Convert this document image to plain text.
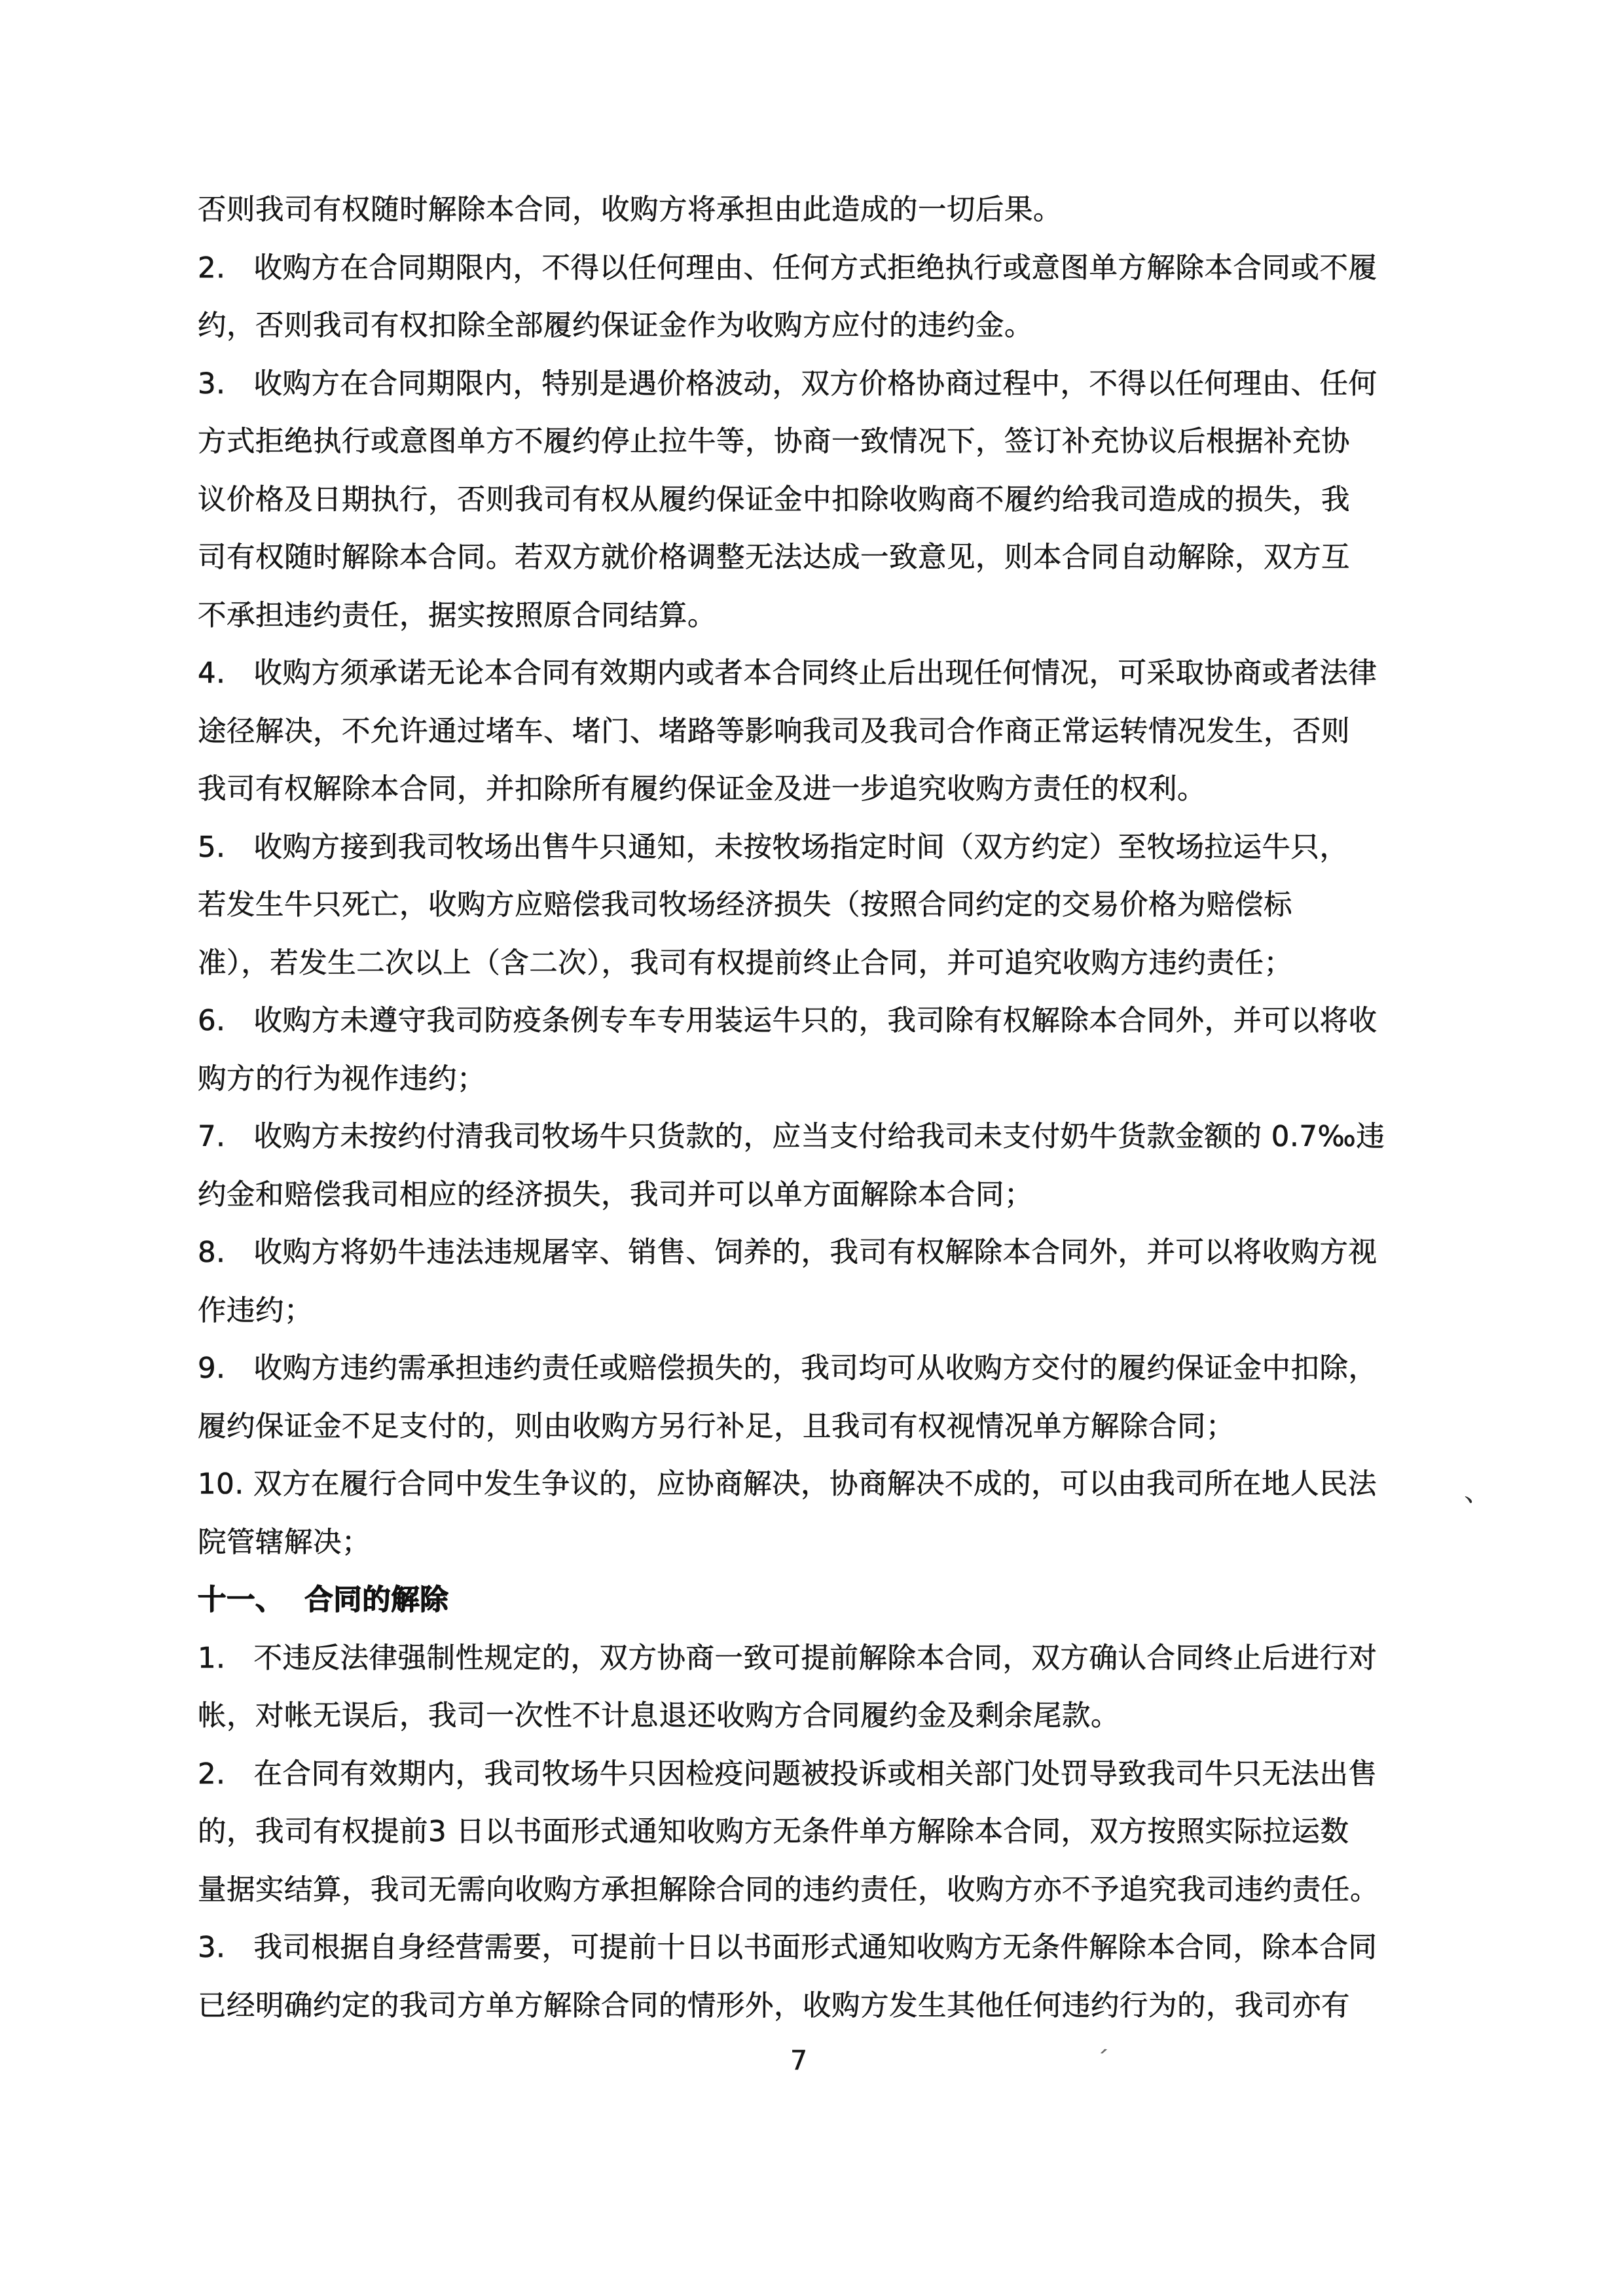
否则我司有权随时解除本合同，收购方将承担由此造成的一切后果。
2.   收购方在合同期限内，不得以任何理由、任何方式拒绝执行或意图单方解除本合同或不履
约，否则我司有权扣除全部履约保证金作为收购方应付的违约金。
3.   收购方在合同期限内，特别是遇价格波动，双方价格协商过程中，不得以任何理由、任何
方式拒绝执行或意图单方不履约停止拉牛等，协商一致情况下，签订补充协议后根据补充协
议价格及日期执行，否则我司有权从履约保证金中扣除收购商不履约给我司造成的损失，我
司有权随时解除本合同。若双方就价格调整无法达成一致意见，则本合同自动解除，双方互
不承担违约责任，据实按照原合同结算。
4.   收购方须承诺无论本合同有效期内或者本合同终止后出现任何情况，可采取协商或者法律
途径解决，不允许通过堵车、堵门、堵路等影响我司及我司合作商正常运转情况发生，否则
我司有权解除本合同，并扣除所有履约保证金及进一步追究收购方责任的权利。
5.   收购方接到我司牧场出售牛只通知，未按牧场指定时间（双方约定）至牧场拉运牛只，
若发生牛只死亡，收购方应赔偿我司牧场经济损失（按照合同约定的交易价格为赔偿标
准），若发生二次以上（含二次），我司有权提前终止合同，并可追究收购方违约责任；
6.   收购方未遵守我司防疫条例专车专用装运牛只的，我司除有权解除本合同外，并可以将收
购方的行为视作违约；
7.   收购方未按约付清我司牧场牛只货款的，应当支付给我司未支付奶牛货款金额的 0.7‰违
约金和赔偿我司相应的经济损失，我司并可以单方面解除本合同；
8.   收购方将奶牛违法违规屠宰、销售、饲养的，我司有权解除本合同外，并可以将收购方视
作违约；
9.   收购方违约需承担违约责任或赔偿损失的，我司均可从收购方交付的履约保证金中扣除，
履约保证金不足支付的，则由收购方另行补足，且我司有权视情况单方解除合同；
10. 双方在履行合同中发生争议的，应协商解决，协商解决不成的，可以由我司所在地人民法
院管辖解决；
十一、  合同的解除
1.   不违反法律强制性规定的，双方协商一致可提前解除本合同，双方确认合同终止后进行对
帐，对帐无误后，我司一次性不计息退还收购方合同履约金及剩余尾款。
2.   在合同有效期内，我司牧场牛只因检疫问题被投诉或相关部门处罚导致我司牛只无法出售
的，我司有权提前3 日以书面形式通知收购方无条件单方解除本合同，双方按照实际拉运数
量据实结算，我司无需向收购方承担解除合同的违约责任，收购方亦不予追究我司违约责任。
3.   我司根据自身经营需要，可提前十日以书面形式通知收购方无条件解除本合同，除本合同
已经明确约定的我司方单方解除合同的情形外，收购方发生其他任何违约行为的，我司亦有
7
、
ˊ
